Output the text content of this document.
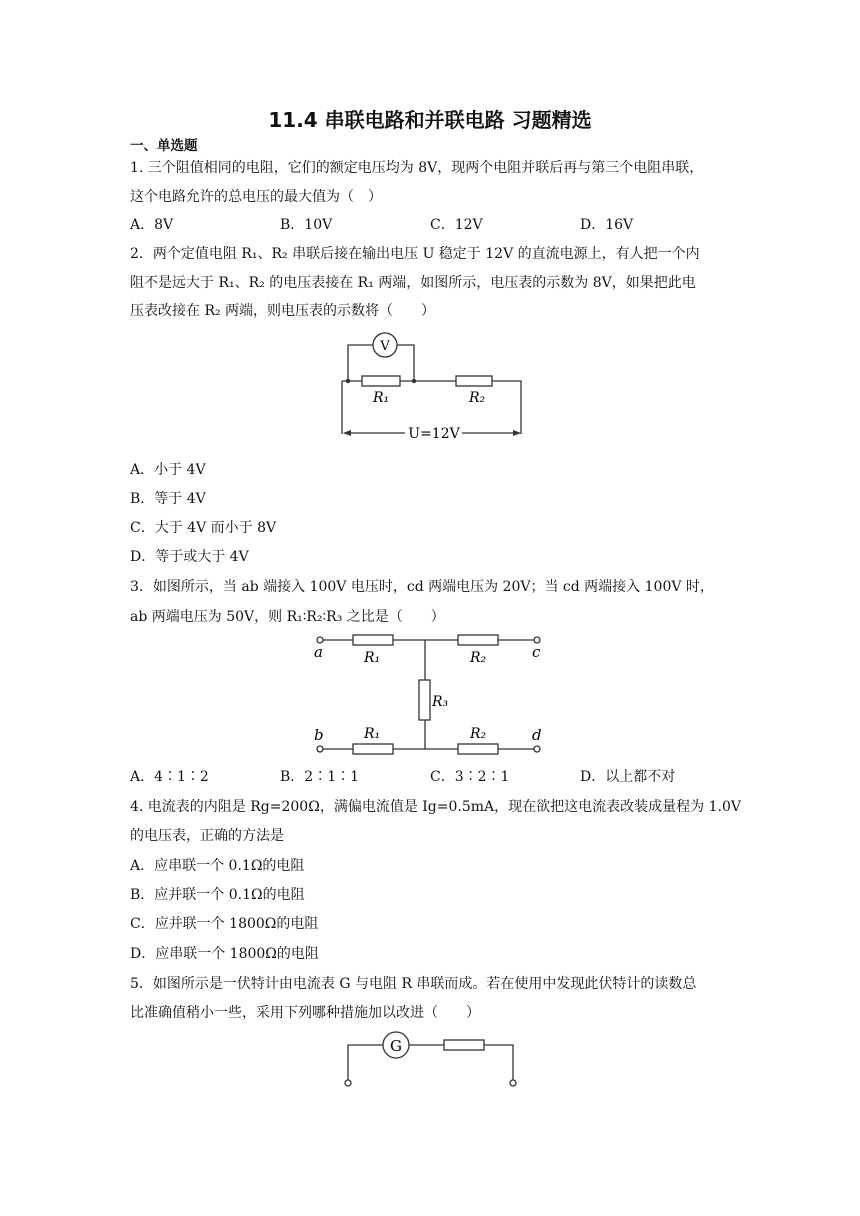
11.4 串联电路和并联电路 习题精选
一、单选题
1. 三个阻值相同的电阻，它们的额定电压均为 8V，现两个电阻并联后再与第三个电阻串联，
这个电路允许的总电压的最大值为（　）
A．8V	B．10V	C．12V	D．16V
2．两个定值电阻 R₁、R₂ 串联后接在输出电压 U 稳定于 12V 的直流电源上，有人把一个内
阻不是远大于 R₁、R₂ 的电压表接在 R₁ 两端，如图所示，电压表的示数为 8V，如果把此电
压表改接在 R₂ 两端，则电压表的示数将（　　）
V
R₁	R₂
U=12V
A．小于 4V
B．等于 4V
C．大于 4V 而小于 8V
D．等于或大于 4V
3．如图所示，当 ab 端接入 100V 电压时，cd 两端电压为 20V；当 cd 两端接入 100V 时，
ab 两端电压为 50V，则 R₁∶R₂∶R₃ 之比是（　　）
a	c
b	d
R₁	R₂
R₃
R₁	R₂
A．4∶1∶2	B．2∶1∶1	C．3∶2∶1	D．以上都不对
4. 电流表的内阻是 Rg=200Ω，满偏电流值是 Ig=0.5mA，现在欲把这电流表改装成量程为 1.0V
的电压表，正确的方法是
A．应串联一个 0.1Ω的电阻
B．应并联一个 0.1Ω的电阻
C．应并联一个 1800Ω的电阻
D．应串联一个 1800Ω的电阻
5．如图所示是一伏特计由电流表 G 与电阻 R 串联而成。若在使用中发现此伏特计的读数总
比准确值稍小一些，采用下列哪种措施加以改进（　　）
G
